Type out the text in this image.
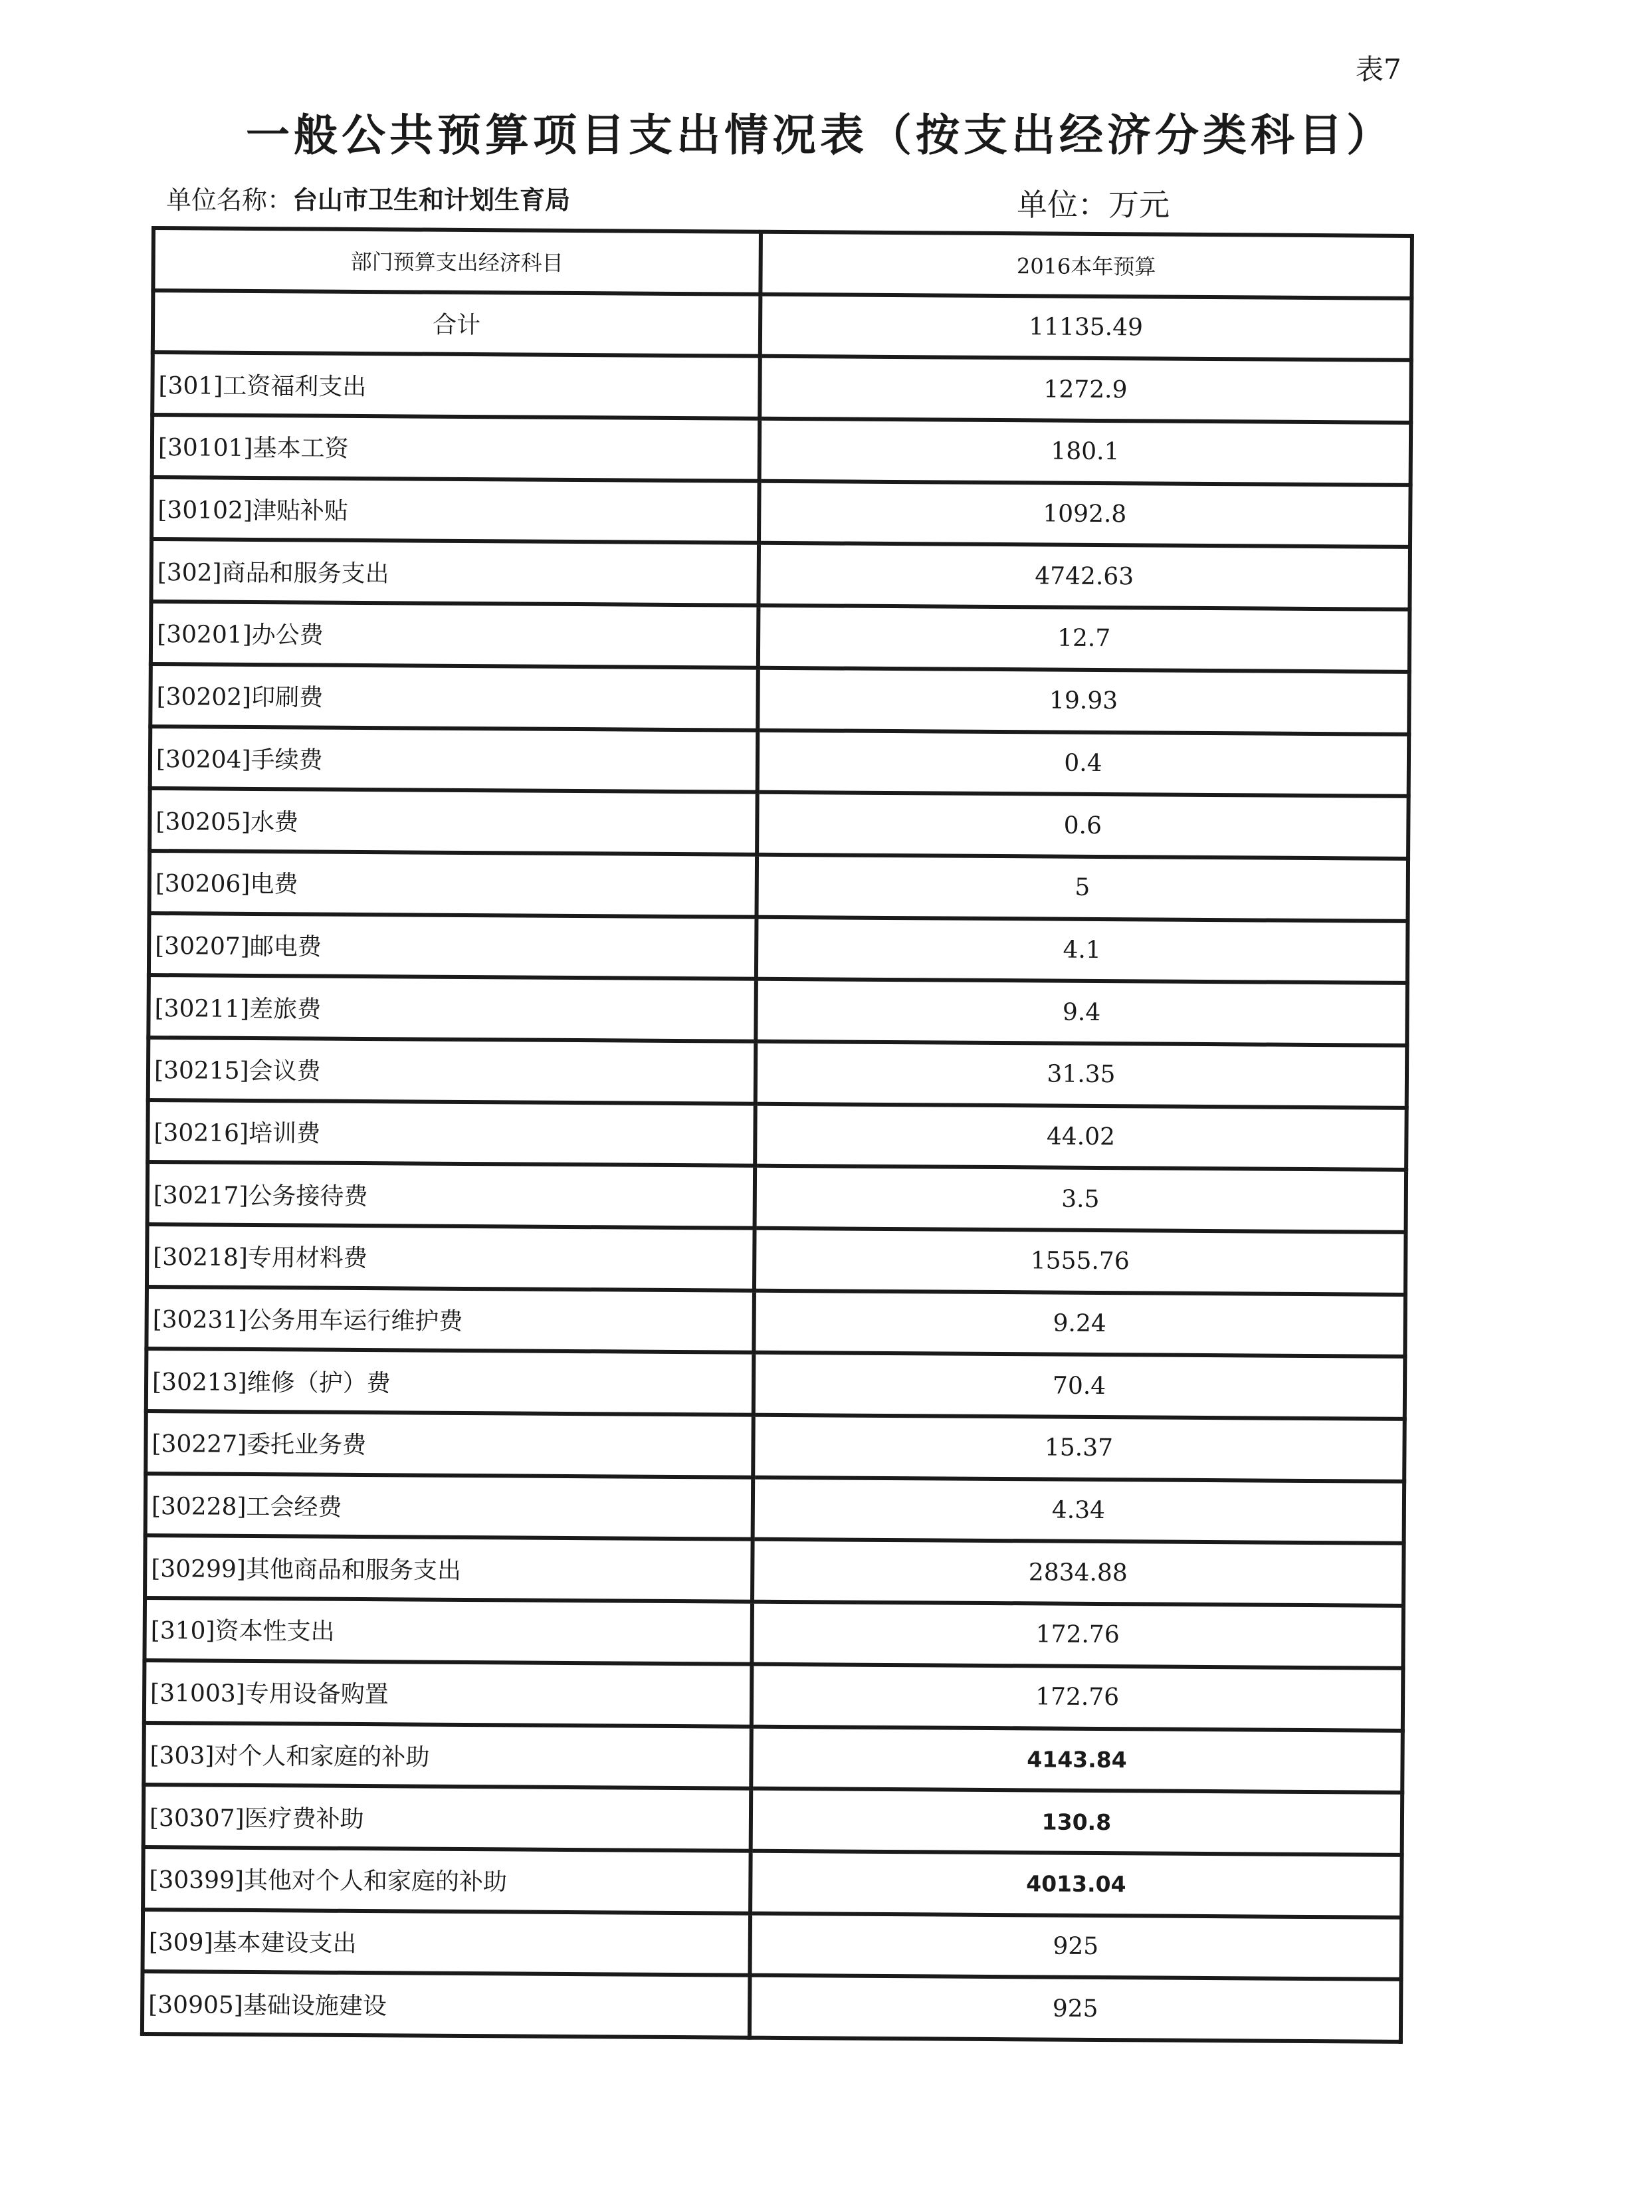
表7
一般公共预算项目支出情况表（按支出经济分类科目）
单位名称：台山市卫生和计划生育局	单位：万元
部门预算支出经济科目	2016本年预算
合计	11135.49
[301]工资福利支出	1272.9
[30101]基本工资	180.1
[30102]津贴补贴	1092.8
[302]商品和服务支出	4742.63
[30201]办公费	12.7
[30202]印刷费	19.93
[30204]手续费	0.4
[30205]水费	0.6
[30206]电费	5
[30207]邮电费	4.1
[30211]差旅费	9.4
[30215]会议费	31.35
[30216]培训费	44.02
[30217]公务接待费	3.5
[30218]专用材料费	1555.76
[30231]公务用车运行维护费	9.24
[30213]维修（护）费	70.4
[30227]委托业务费	15.37
[30228]工会经费	4.34
[30299]其他商品和服务支出	2834.88
[310]资本性支出	172.76
[31003]专用设备购置	172.76
[303]对个人和家庭的补助	4143.84
[30307]医疗费补助	130.8
[30399]其他对个人和家庭的补助	4013.04
[309]基本建设支出	925
[30905]基础设施建设	925
